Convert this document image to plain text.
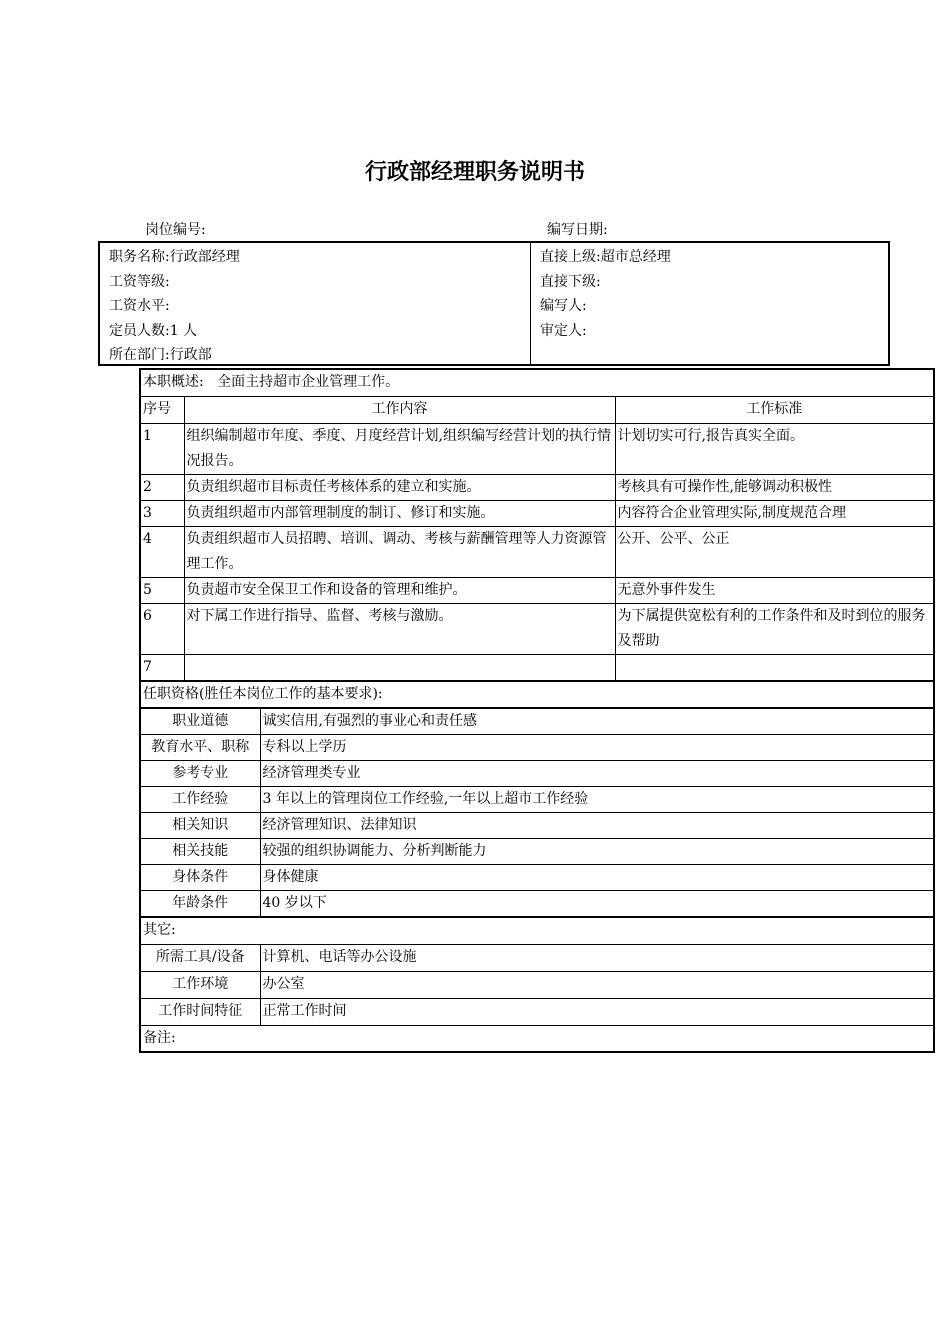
行政部经理职务说明书
岗位编号:	编写日期:
职务名称:行政部经理
工资等级:
工资水平:
定员人数:1 人
所在部门:行政部
直接上级:超市总经理
直接下级:
编写人:
审定人:
本职概述: 全面主持超市企业管理工作。			
序号	工作内容		工作标准
1	组织编制超市年度、季度、月度经营计划,组织编写经营计划的执行情况报告。		计划切实可行,报告真实全面。
2	负责组织超市目标责任考核体系的建立和实施。		考核具有可操作性,能够调动积极性
3	负责组织超市内部管理制度的制订、修订和实施。		内容符合企业管理实际,制度规范合理
4	负责组织超市人员招聘、培训、调动、考核与薪酬管理等人力资源管理工作。		公开、公平、公正
5	负责超市安全保卫工作和设备的管理和维护。		无意外事件发生
6	对下属工作进行指导、监督、考核与激励。		为下属提供宽松有利的工作条件和及时到位的服务及帮助
7			
任职资格(胜任本岗位工作的基本要求):			
职业道德		诚实信用,有强烈的事业心和责任感	
教育水平、职称		专科以上学历	
参考专业		经济管理类专业	
工作经验		3 年以上的管理岗位工作经验,一年以上超市工作经验	
相关知识		经济管理知识、法律知识	
相关技能		较强的组织协调能力、分析判断能力	
身体条件		身体健康	
年龄条件		40 岁以下	
其它:			
所需工具/设备		计算机、电话等办公设施	
工作环境		办公室	
工作时间特征		正常工作时间	
备注:			
